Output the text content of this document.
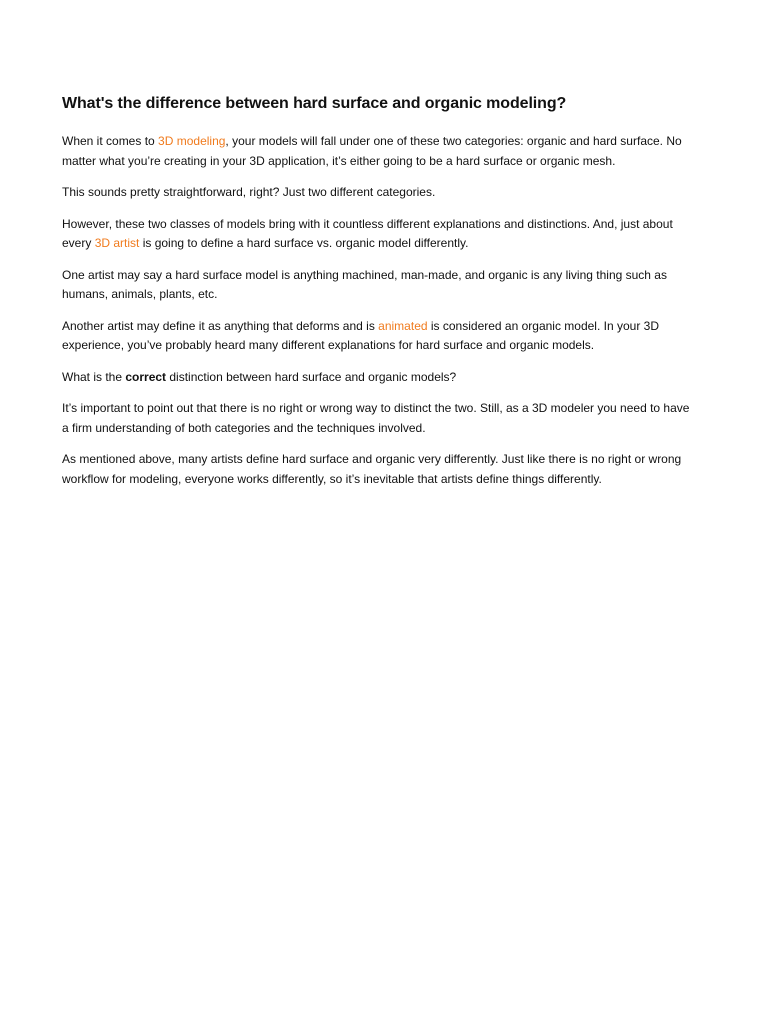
What's the difference between hard surface and organic modeling?

When it comes to 3D modeling, your models will fall under one of these two categories: organic and hard surface. No matter what you’re creating in your 3D application, it’s either going to be a hard surface or organic mesh.

This sounds pretty straightforward, right? Just two different categories.

However, these two classes of models bring with it countless different explanations and distinctions. And, just about every 3D artist is going to define a hard surface vs. organic model differently.

One artist may say a hard surface model is anything machined, man-made, and organic is any living thing such as humans, animals, plants, etc.

Another artist may define it as anything that deforms and is animated is considered an organic model. In your 3D experience, you’ve probably heard many different explanations for hard surface and organic models.

What is the correct distinction between hard surface and organic models?

It’s important to point out that there is no right or wrong way to distinct the two. Still, as a 3D modeler you need to have a firm understanding of both categories and the techniques involved.

As mentioned above, many artists define hard surface and organic very differently. Just like there is no right or wrong workflow for modeling, everyone works differently, so it’s inevitable that artists define things differently.
